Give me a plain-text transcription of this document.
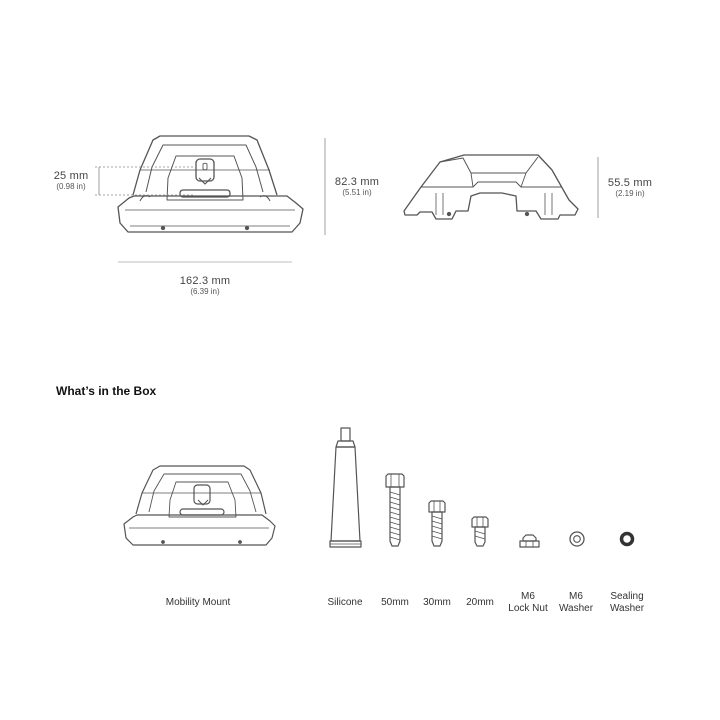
25 mm
(0.98 in)	82.3 mm
(5.51 in)
55.5 mm
(2.19 in)
162.3 mm
(6.39 in)
What’s in the Box
Mobility Mount	Silicone	50mm	30mm	20mm
M6
Lock Nut
M6
Washer
Sealing
Washer
